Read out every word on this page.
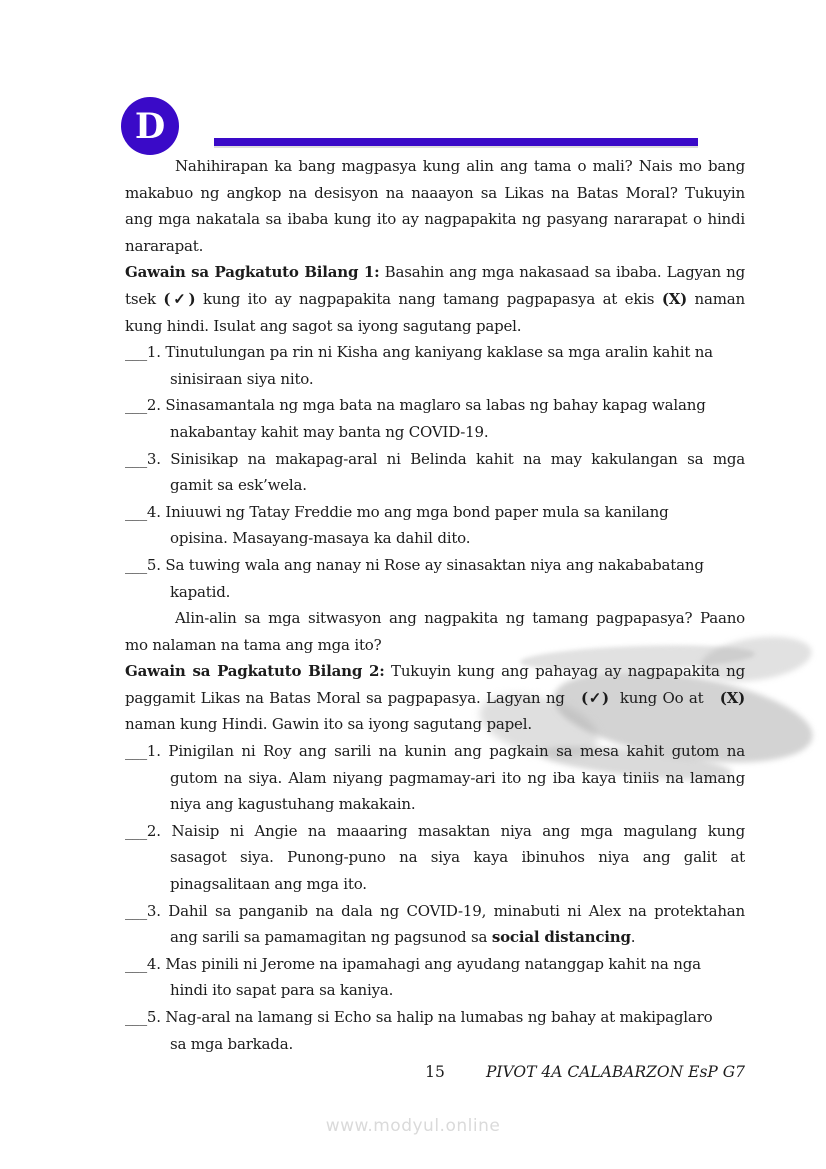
D
Nahihirapan ka bang magpasya kung alin ang tama o mali? Nais mo bang
makabuo ng angkop na desisyon na naaayon sa Likas na Batas Moral? Tukuyin
ang mga nakatala sa ibaba kung ito ay nagpapakita ng pasyang nararapat o hindi
nararapat.
Gawain sa Pagkatuto Bilang 1: Basahin ang mga nakasaad sa ibaba. Lagyan ng
tsek (✓) kung ito ay nagpapakita nang tamang pagpapasya at ekis (X) naman
kung hindi. Isulat ang sagot sa iyong sagutang papel.
___1. Tinutulungan pa rin ni Kisha ang kaniyang kaklase sa mga aralin kahit na
sinisiraan siya nito.
___2. Sinasamantala ng mga bata na maglaro sa labas ng bahay kapag walang
nakabantay kahit may banta ng COVID-19.
___3. Sinisikap na makapag-aral ni Belinda kahit na may kakulangan sa mga
gamit sa esk’wela.
___4. Iniuuwi ng Tatay Freddie mo ang mga bond paper mula sa kanilang
opisina. Masayang-masaya ka dahil dito.
___5. Sa tuwing wala ang nanay ni Rose ay sinasaktan niya ang nakababatang
kapatid.
Alin-alin sa mga sitwasyon ang nagpakita ng tamang pagpapasya? Paano
mo nalaman na tama ang mga ito?
Gawain sa Pagkatuto Bilang 2: Tukuyin kung ang pahayag ay nagpapakita ng
paggamit Likas na Batas Moral sa pagpapasya. Lagyan ng   (✓)  kung Oo at   (X)
naman kung Hindi. Gawin ito sa iyong sagutang papel.
___1. Pinigilan ni Roy ang sarili na kunin ang pagkain sa mesa kahit gutom na
gutom na siya. Alam niyang pagmamay-ari ito ng iba kaya tiniis na lamang
niya ang kagustuhang makakain.
___2. Naisip ni Angie na maaaring masaktan niya ang mga magulang kung
sasagot siya. Punong-puno na siya kaya ibinuhos niya ang galit at
pinagsalitaan ang mga ito.
___3. Dahil sa panganib na dala ng COVID-19, minabuti ni Alex na protektahan
ang sarili sa pamamagitan ng pagsunod sa social distancing.
___4. Mas pinili ni Jerome na ipamahagi ang ayudang natanggap kahit na nga
hindi ito sapat para sa kaniya.
___5. Nag-aral na lamang si Echo sa halip na lumabas ng bahay at makipaglaro
sa mga barkada.
15	PIVOT 4A CALABARZON EsP G7
www.modyul.online
